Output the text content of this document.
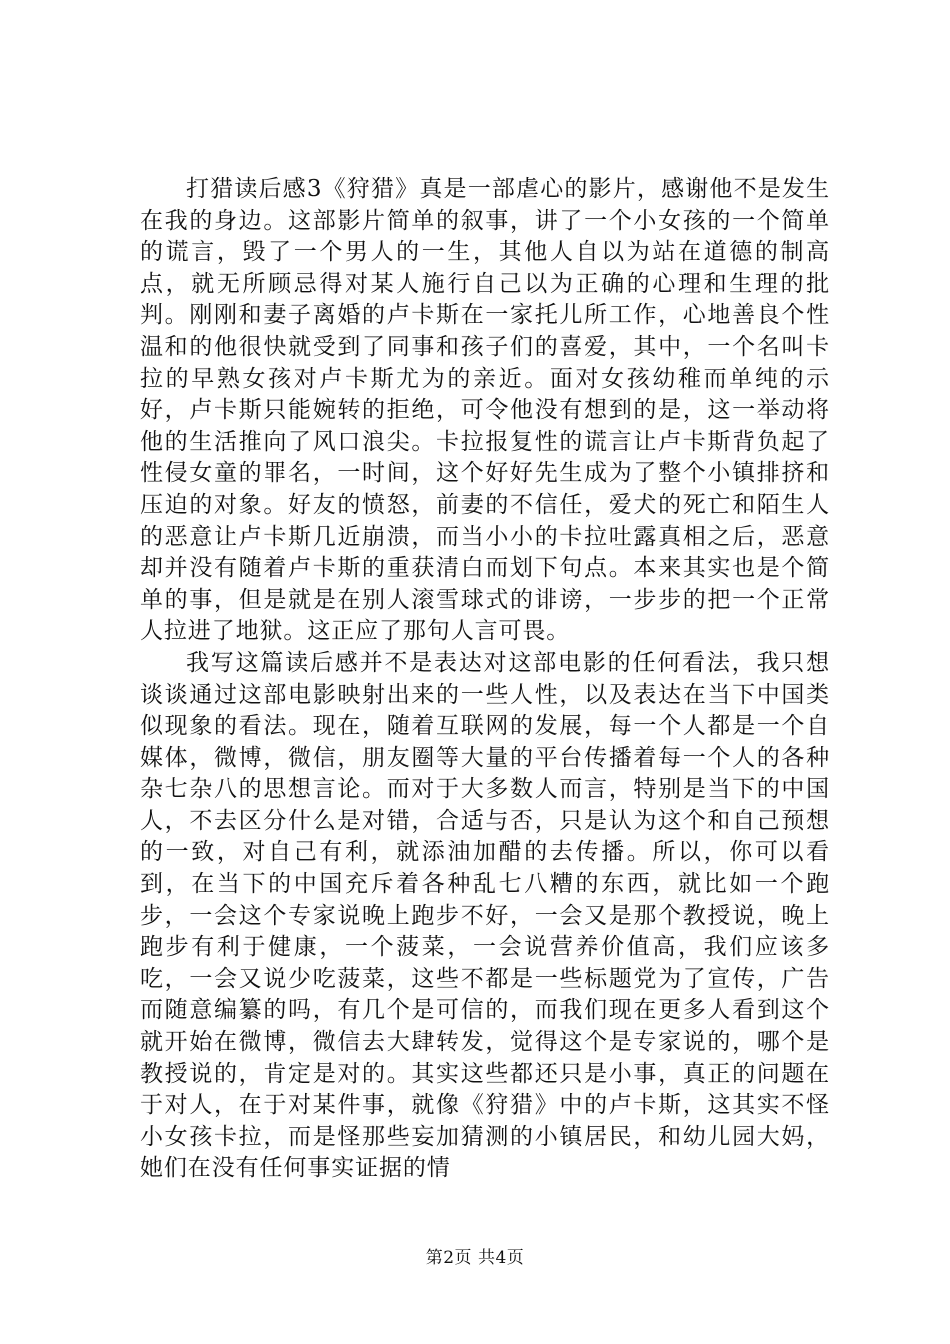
打猎读后感3《狩猎》真是一部虐心的影片，感谢他不是发生在我的身边。这部影片简单的叙事，讲了一个小女孩的一个简单的谎言，毁了一个男人的一生，其他人自以为站在道德的制高点，就无所顾忌得对某人施行自己以为正确的心理和生理的批判。刚刚和妻子离婚的卢卡斯在一家托儿所工作，心地善良个性温和的他很快就受到了同事和孩子们的喜爱，其中，一个名叫卡拉的早熟女孩对卢卡斯尤为的亲近。面对女孩幼稚而单纯的示好，卢卡斯只能婉转的拒绝，可令他没有想到的是，这一举动将他的生活推向了风口浪尖。卡拉报复性的谎言让卢卡斯背负起了性侵女童的罪名，一时间，这个好好先生成为了整个小镇排挤和压迫的对象。好友的愤怒，前妻的不信任，爱犬的死亡和陌生人的恶意让卢卡斯几近崩溃，而当小小的卡拉吐露真相之后，恶意却并没有随着卢卡斯的重获清白而划下句点。本来其实也是个简单的事，但是就是在别人滚雪球式的诽谤，一步步的把一个正常人拉进了地狱。这正应了那句人言可畏。

我写这篇读后感并不是表达对这部电影的任何看法，我只想谈谈通过这部电影映射出来的一些人性，以及表达在当下中国类似现象的看法。现在，随着互联网的发展，每一个人都是一个自媒体，微博，微信，朋友圈等大量的平台传播着每一个人的各种杂七杂八的思想言论。而对于大多数人而言，特别是当下的中国人，不去区分什么是对错，合适与否，只是认为这个和自己预想的一致，对自己有利，就添油加醋的去传播。所以，你可以看到，在当下的中国充斥着各种乱七八糟的东西，就比如一个跑步，一会这个专家说晚上跑步不好，一会又是那个教授说，晚上跑步有利于健康，一个菠菜，一会说营养价值高，我们应该多吃，一会又说少吃菠菜，这些不都是一些标题党为了宣传，广告而随意编纂的吗，有几个是可信的，而我们现在更多人看到这个就开始在微博，微信去大肆转发，觉得这个是专家说的，哪个是教授说的，肯定是对的。其实这些都还只是小事，真正的问题在于对人，在于对某件事，就像《狩猎》中的卢卡斯，这其实不怪小女孩卡拉，而是怪那些妄加猜测的小镇居民，和幼儿园大妈，她们在没有任何事实证据的情

第2页 共4页
